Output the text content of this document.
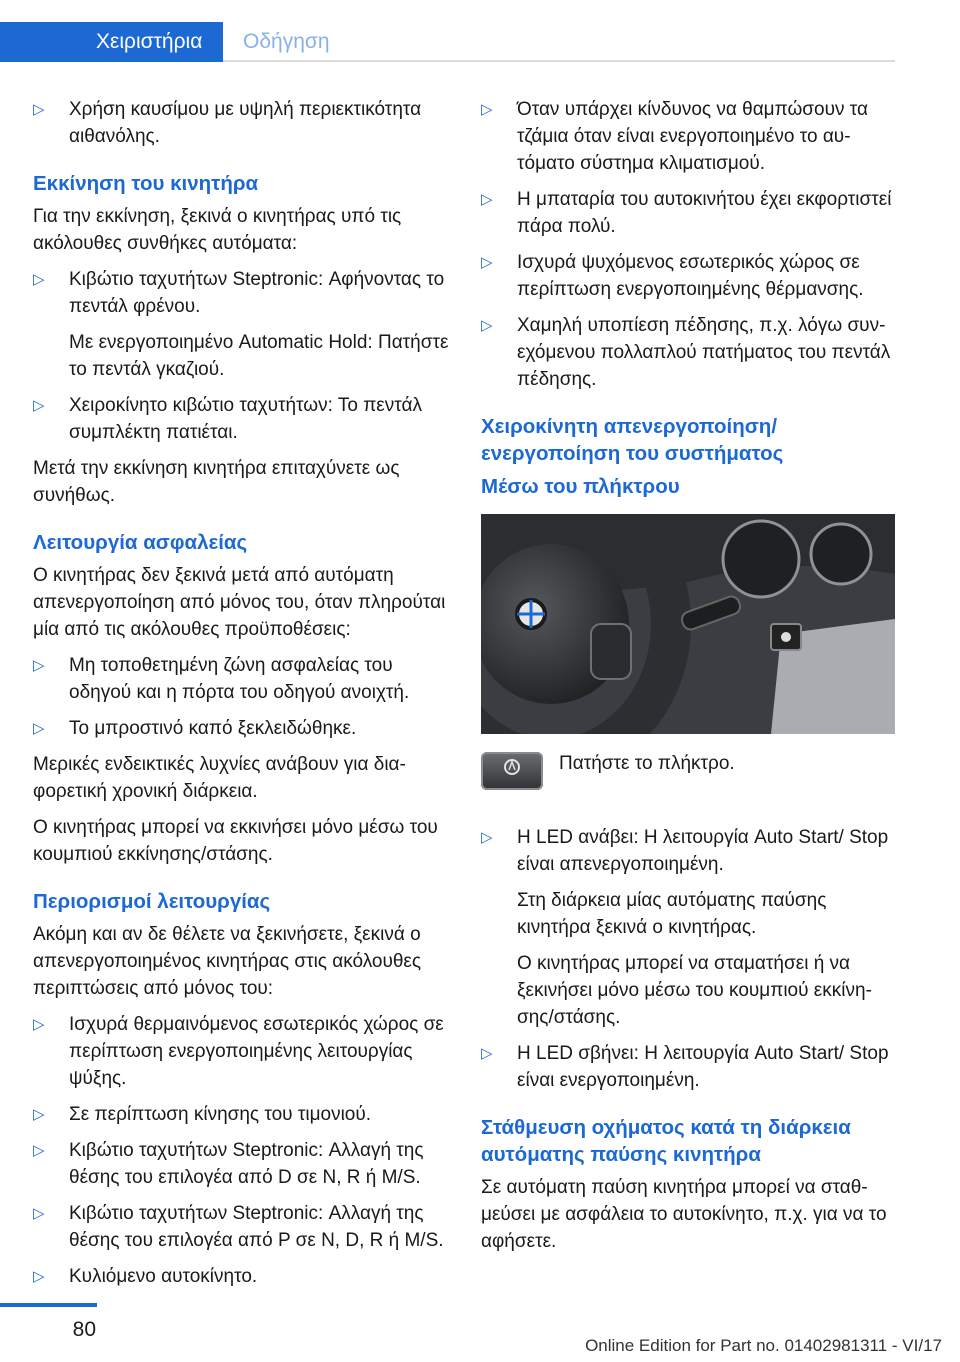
Χειριστήρια	Οδήγηση
▷ Χρήση καυσίμου με υψηλή περιεκτικότητα αιθανόλης.
Εκκίνηση του κινητήρα
Για την εκκίνηση, ξεκινά ο κινητήρας υπό τις ακόλουθες συνθήκες αυτόματα:
▷ Κιβώτιο ταχυτήτων Steptronic: Αφήνοντας το πεντάλ φρένου.
Με ενεργοποιημένο Automatic Hold: Πατήστε το πεντάλ γκαζιού.
▷ Χειροκίνητο κιβώτιο ταχυτήτων: Το πεντάλ συμπλέκτη πατιέται.
Μετά την εκκίνηση κινητήρα επιταχύνετε ως συνήθως.
Λειτουργία ασφαλείας
Ο κινητήρας δεν ξεκινά μετά από αυτόματη απενεργοποίηση από μόνος του, όταν πληρούται μία από τις ακόλουθες προϋποθέσεις:
▷ Μη τοποθετημένη ζώνη ασφαλείας του οδηγού και η πόρτα του οδηγού ανοιχτή.
▷ Το μπροστινό καπό ξεκλειδώθηκε.
Μερικές ενδεικτικές λυχνίες ανάβουν για διαφορετική χρονική διάρκεια.
Ο κινητήρας μπορεί να εκκινήσει μόνο μέσω του κουμπιού εκκίνησης/στάσης.
Περιορισμοί λειτουργίας
Ακόμη και αν δε θέλετε να ξεκινήσετε, ξεκινά ο απενεργοποιημένος κινητήρας στις ακόλουθες περιπτώσεις από μόνος του:
▷ Ισχυρά θερμαινόμενος εσωτερικός χώρος σε περίπτωση ενεργοποιημένης λειτουργίας ψύξης.
▷ Σε περίπτωση κίνησης του τιμονιού.
▷ Κιβώτιο ταχυτήτων Steptronic: Αλλαγή της θέσης του επιλογέα από D σε N, R ή M/S.
▷ Κιβώτιο ταχυτήτων Steptronic: Αλλαγή της θέσης του επιλογέα από P σε N, D, R ή M/S.
▷ Κυλιόμενο αυτοκίνητο.
▷ Όταν υπάρχει κίνδυνος να θαμπώσουν τα τζάμια όταν είναι ενεργοποιημένο το αυτόματο σύστημα κλιματισμού.
▷ Η μπαταρία του αυτοκινήτου έχει εκφορτιστεί πάρα πολύ.
▷ Ισχυρά ψυχόμενος εσωτερικός χώρος σε περίπτωση ενεργοποιημένης θέρμανσης.
▷ Χαμηλή υποπίεση πέδησης, π.χ. λόγω συνεχόμενου πολλαπλού πατήματος του πεντάλ πέδησης.
Χειροκίνητη απενεργοποίηση/ ενεργοποίηση του συστήματος
Μέσω του πλήκτρου
Πατήστε το πλήκτρο.
▷ Η LED ανάβει: Η λειτουργία Auto Start/ Stop είναι απενεργοποιημένη.
Στη διάρκεια μίας αυτόματης παύσης κινητήρα ξεκινά ο κινητήρας.
Ο κινητήρας μπορεί να σταματήσει ή να ξεκινήσει μόνο μέσω του κουμπιού εκκίνησης/στάσης.
▷ Η LED σβήνει: Η λειτουργία Auto Start/ Stop είναι ενεργοποιημένη.
Στάθμευση οχήματος κατά τη διάρκεια αυτόματης παύσης κινητήρα
Σε αυτόματη παύση κινητήρα μπορεί να σταθμεύσει με ασφάλεια το αυτοκίνητο, π.χ. για να το αφήσετε.
80
Online Edition for Part no. 01402981311 - VI/17
